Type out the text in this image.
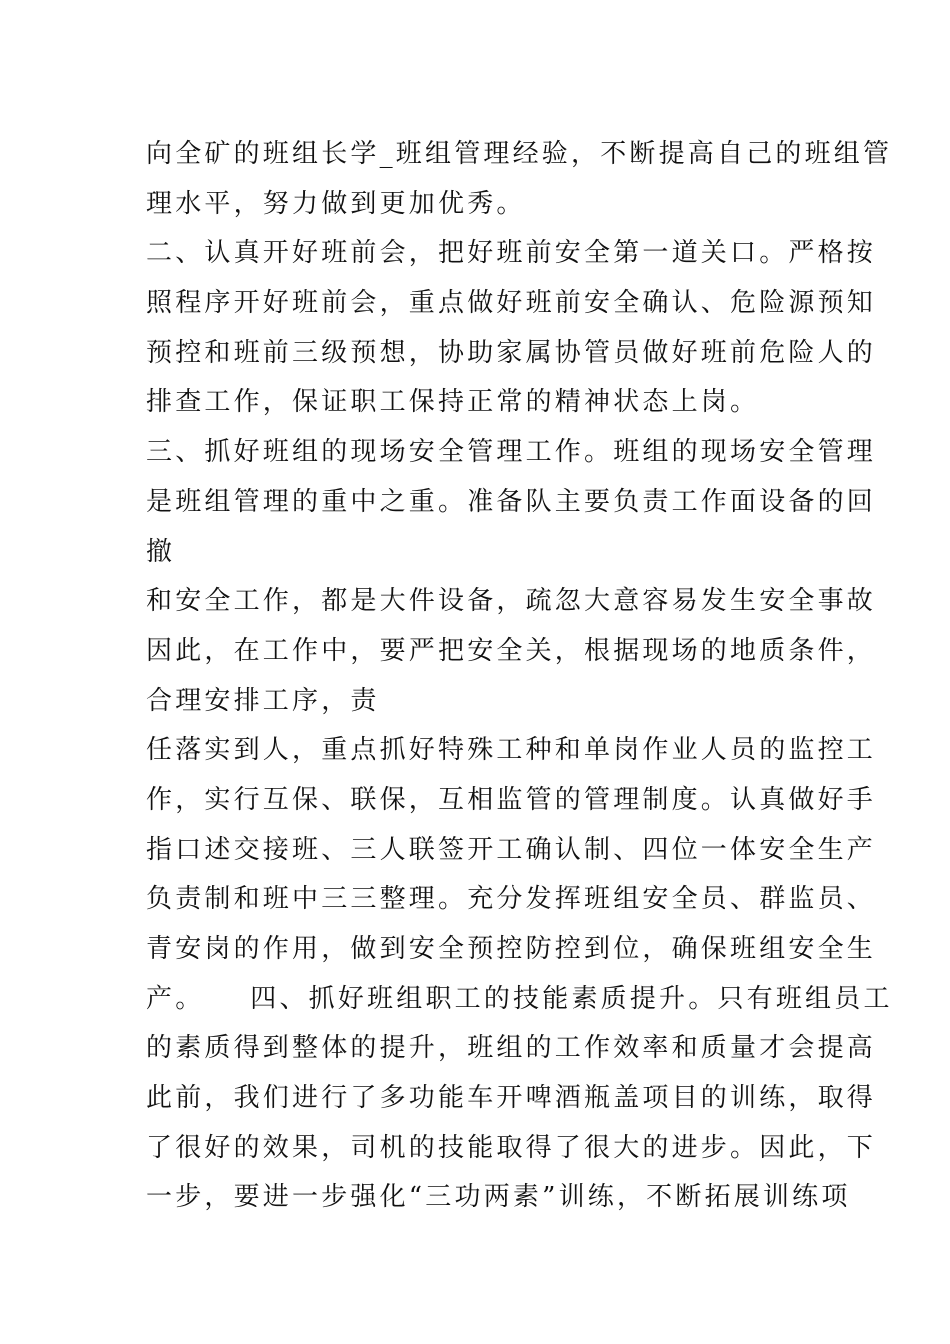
向全矿的班组长学_班组管理经验，不断提高自己的班组管
理水平，努力做到更加优秀。
二、认真开好班前会，把好班前安全第一道关口。严格按
照程序开好班前会，重点做好班前安全确认、危险源预知
预控和班前三级预想，协助家属协管员做好班前危险人的
排查工作，保证职工保持正常的精神状态上岗。
三、抓好班组的现场安全管理工作。班组的现场安全管理
是班组管理的重中之重。准备队主要负责工作面设备的回
撤
和安全工作，都是大件设备，疏忽大意容易发生安全事故
因此，在工作中，要严把安全关，根据现场的地质条件，
合理安排工序，责
任落实到人，重点抓好特殊工种和单岗作业人员的监控工
作，实行互保、联保，互相监管的管理制度。认真做好手
指口述交接班、三人联签开工确认制、四位一体安全生产
负责制和班中三三整理。充分发挥班组安全员、群监员、
青安岗的作用，做到安全预控防控到位，确保班组安全生
产。    四、抓好班组职工的技能素质提升。只有班组员工
的素质得到整体的提升，班组的工作效率和质量才会提高
此前，我们进行了多功能车开啤酒瓶盖项目的训练，取得
了很好的效果，司机的技能取得了很大的进步。因此，下
一步，要进一步强化“三功两素”训练，不断拓展训练项
